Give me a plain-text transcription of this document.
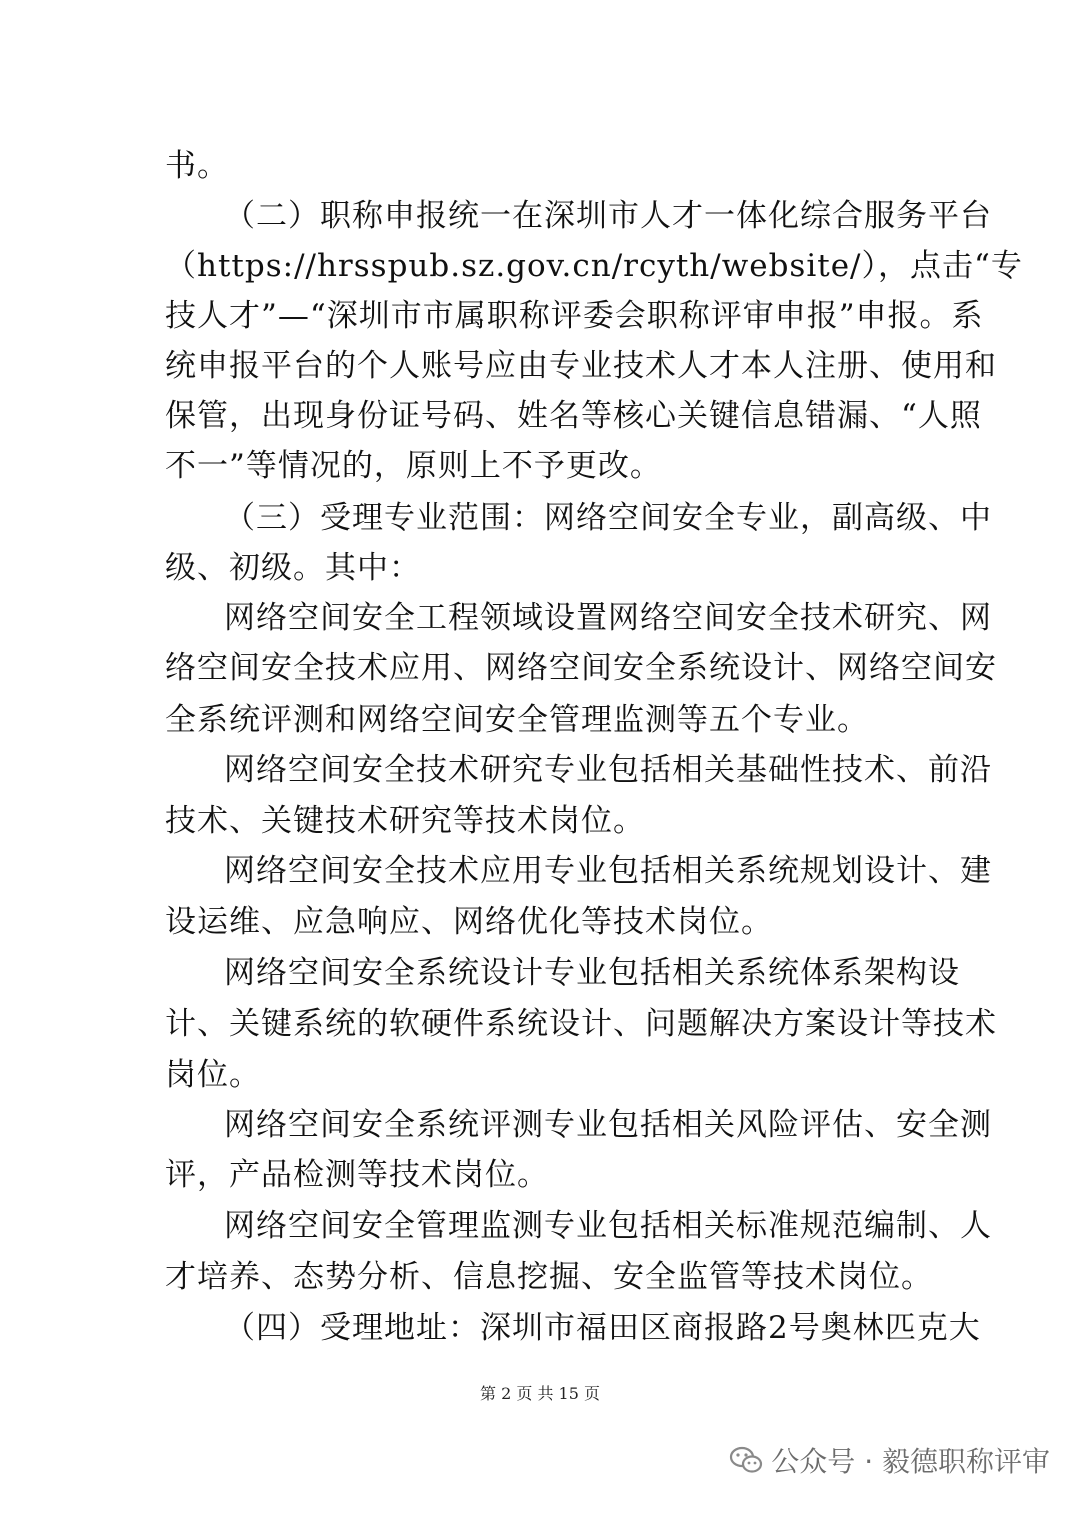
书。
（二）职称申报统一在深圳市人才一体化综合服务平台
（https://hrsspub.sz.gov.cn/rcyth/website/），点击“专
技人才”—“深圳市市属职称评委会职称评审申报”申报。系
统申报平台的个人账号应由专业技术人才本人注册、使用和
保管，出现身份证号码、姓名等核心关键信息错漏、“人照
不一”等情况的，原则上不予更改。
（三）受理专业范围：网络空间安全专业，副高级、中
级、初级。其中：
网络空间安全工程领域设置网络空间安全技术研究、网
络空间安全技术应用、网络空间安全系统设计、网络空间安
全系统评测和网络空间安全管理监测等五个专业。
网络空间安全技术研究专业包括相关基础性技术、前沿
技术、关键技术研究等技术岗位。
网络空间安全技术应用专业包括相关系统规划设计、建
设运维、应急响应、网络优化等技术岗位。
网络空间安全系统设计专业包括相关系统体系架构设
计、关键系统的软硬件系统设计、问题解决方案设计等技术
岗位。
网络空间安全系统评测专业包括相关风险评估、安全测
评，产品检测等技术岗位。
网络空间安全管理监测专业包括相关标准规范编制、人
才培养、态势分析、信息挖掘、安全监管等技术岗位。
（四）受理地址：深圳市福田区商报路2号奥林匹克大
第 2 页 共 15 页
公众号 · 毅德职称评审
